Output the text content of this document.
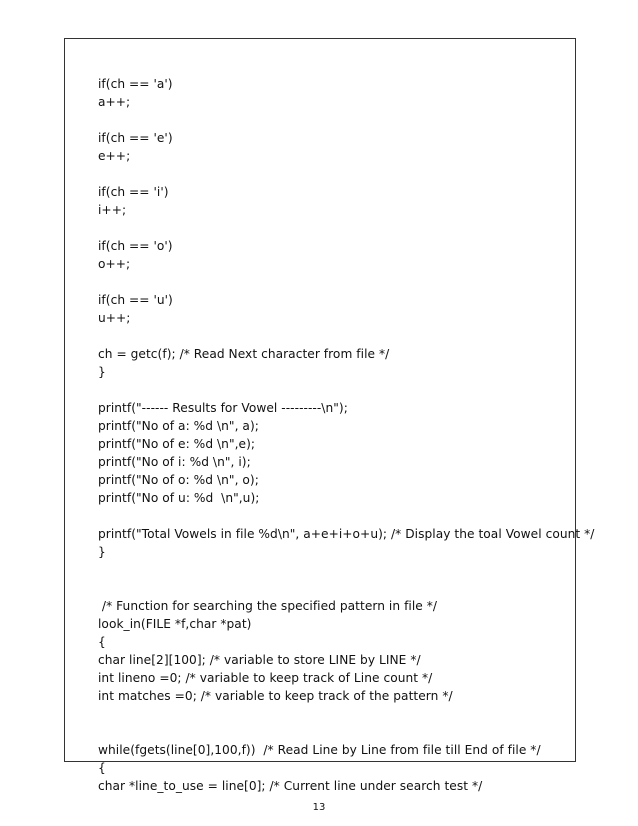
if(ch == 'a')
a++;
if(ch == 'e')
e++;
if(ch == 'i')
i++;
if(ch == 'o')
o++;
if(ch == 'u')
u++;
ch = getc(f); /* Read Next character from file */
}
printf("------ Results for Vowel ---------\n");
printf("No of a: %d \n", a);
printf("No of e: %d \n",e);
printf("No of i: %d \n", i);
printf("No of o: %d \n", o);
printf("No of u: %d  \n",u);
printf("Total Vowels in file %d\n", a+e+i+o+u); /* Display the toal Vowel count */
}
/* Function for searching the specified pattern in file */
look_in(FILE *f,char *pat)
{
char line[2][100]; /* variable to store LINE by LINE */
int lineno =0; /* variable to keep track of Line count */
int matches =0; /* variable to keep track of the pattern */
while(fgets(line[0],100,f))  /* Read Line by Line from file till End of file */
{
char *line_to_use = line[0]; /* Current line under search test */
13
